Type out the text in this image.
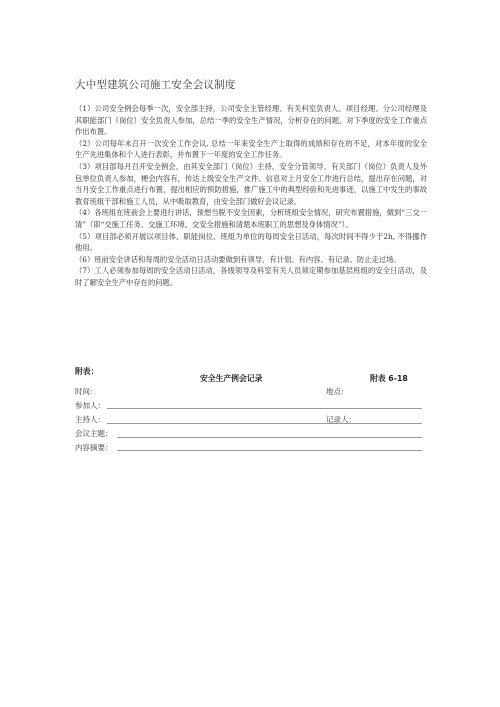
大中型建筑公司施工安全会议制度

（1）公司安全例会每季一次，安全部主持，公司安全主管经理、有关科室负责人、项目经理、分公司经理及其职能部门（岗位）安全负责人参加，总结一季的安全生产情况，分析存在的问题，对下季度的安全工作重点作出布置。

（2）公司每年末召开一次安全工作会议, 总结一年来安全生产上取得的成绩和存在的不足，对本年度的安全生产先进集体和个人进行表彰，并布置下一年度的安全工作任务。

（3）项目部每月召开安全例会，由其安全部门（岗位）主持，安全分管领导、有关部门（岗位）负责人及外包单位负责人参加，梗会内容有，传达上级安全生产文件、信息对上月安全工作进行总结，提出存在问题，对当月安全工作重点进行布置，提出相应的预防措施，推广施工中的典型经验和先进事迹，以施工中发生的事故教育班组干部和施工人员，从中吸取教育，由安全部门做好会议记录。

（4）各班组在班前会上要进行讲话，预想当脱不安全因素，分析班组安全情况，研究布置措施，做到“三交一清”（即“交施工任务、交施工环境、交安全措施和清楚本班职工的思想及身体情况”）。

（5）项目部必须开展以项目体、职能岗位、班组为单位的每周安全日活动，每次时间不得少于2h, 不得挪作他用。

（6）班前安全讲话和每周的安全活动日活动要做到有领导、有计划、有内容、有记录、防止走过场。

（7）工人必须参加每周的安全活动日活动，各级领导及科室有关人员须定期参加基层班组的安全日活动，及时了解安全生产中存在的问题。

附表：
安全生产例会记录	附表 6-18
时间：	地点：
参加人：
主持人：	记录人：
会议主题：
内容摘要：
